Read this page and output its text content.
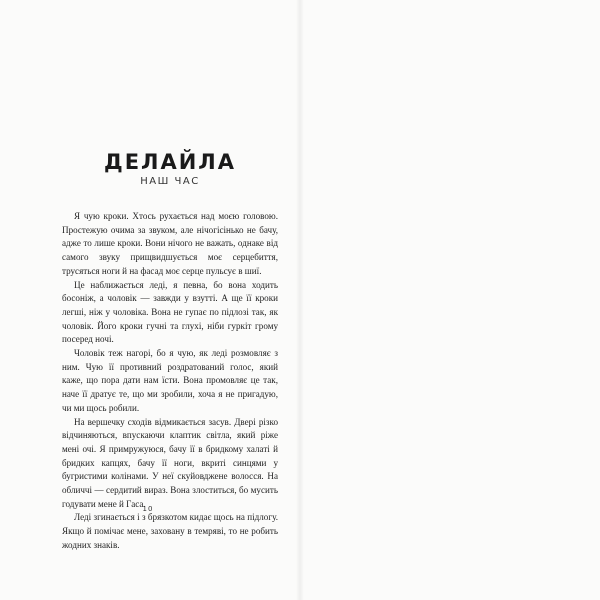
ДЕЛАЙЛА
НАШ ЧАС

Я чую кроки. Хтось рухається над моєю головою. Простежую очима за звуком, але нічогісінько не бачу, адже то лише кроки. Вони нічого не важать, однаке від самого звуку прищвидшується моє серцебиття, трусяться ноги й на фасад моє серце пульсує в шиї.

Це наближається леді, я певна, бо вона ходить босоніж, а чоловік — завжди у взутті. А ще її кроки легші, ніж у чоловіка. Вона не гупає по підлозі так, як чоловік. Його кроки гучні та глухі, ніби гуркіт грому посеред ночі.

Чоловік теж нагорі, бо я чую, як леді розмовляє з ним. Чую її противний роздратований голос, який каже, що пора дати нам їсти. Вона промовляє це так, наче її дратує те, що ми зробили, хоча я не пригадую, чи ми щось робили.

На вершечку сходів відмикається засув. Двері різко відчиняються, впускаючи клаптик світла, який ріже мені очі. Я примружуюся, бачу її в бридкому халаті й бридких капцях, бачу її ноги, вкриті синцями у бугристими колінами. У неї скуйовджене волосся. На обличчі — сердитий вираз. Вона злоститься, бо мусить годувати мене й Гаса.

Леді згинається і з брязкотом кидає щось на підлогу. Якщо й помічає мене, заховану в темряві, то не робить жодних знаків.

10
